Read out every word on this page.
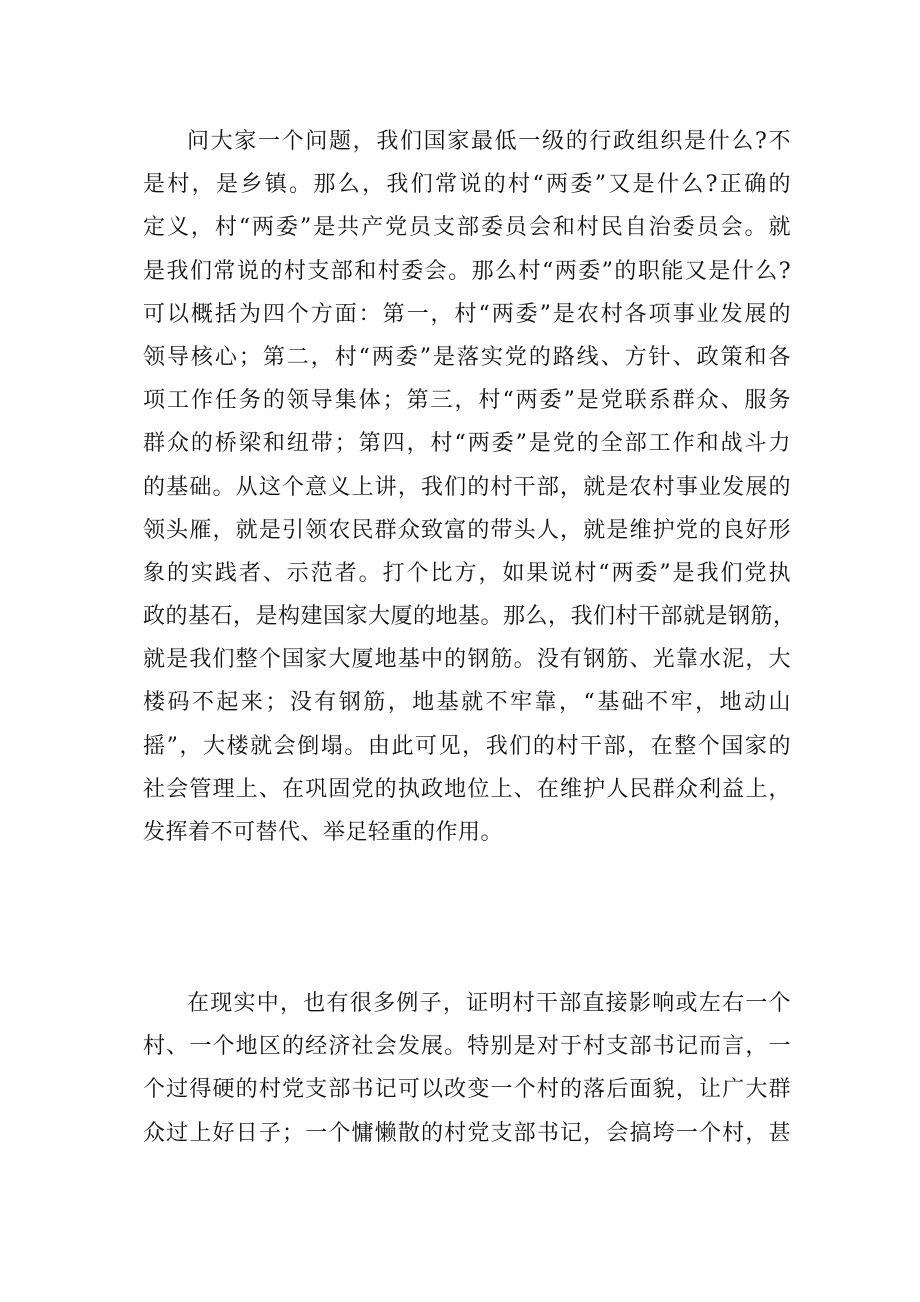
问大家一个问题，我们国家最低一级的行政组织是什么?不
是村，是乡镇。那么，我们常说的村“两委”又是什么?正确的
定义，村“两委”是共产党员支部委员会和村民自治委员会。就
是我们常说的村支部和村委会。那么村“两委”的职能又是什么?
可以概括为四个方面：第一，村“两委”是农村各项事业发展的
领导核心；第二，村“两委”是落实党的路线、方针、政策和各
项工作任务的领导集体；第三，村“两委”是党联系群众、服务
群众的桥梁和纽带；第四，村“两委”是党的全部工作和战斗力
的基础。从这个意义上讲，我们的村干部，就是农村事业发展的
领头雁，就是引领农民群众致富的带头人，就是维护党的良好形
象的实践者、示范者。打个比方，如果说村“两委”是我们党执
政的基石，是构建国家大厦的地基。那么，我们村干部就是钢筋，
就是我们整个国家大厦地基中的钢筋。没有钢筋、光靠水泥，大
楼码不起来；没有钢筋，地基就不牢靠，“基础不牢，地动山
摇”，大楼就会倒塌。由此可见，我们的村干部，在整个国家的
社会管理上、在巩固党的执政地位上、在维护人民群众利益上，
发挥着不可替代、举足轻重的作用。
在现实中，也有很多例子，证明村干部直接影响或左右一个
村、一个地区的经济社会发展。特别是对于村支部书记而言，一
个过得硬的村党支部书记可以改变一个村的落后面貌，让广大群
众过上好日子；一个慵懒散的村党支部书记，会搞垮一个村，甚
